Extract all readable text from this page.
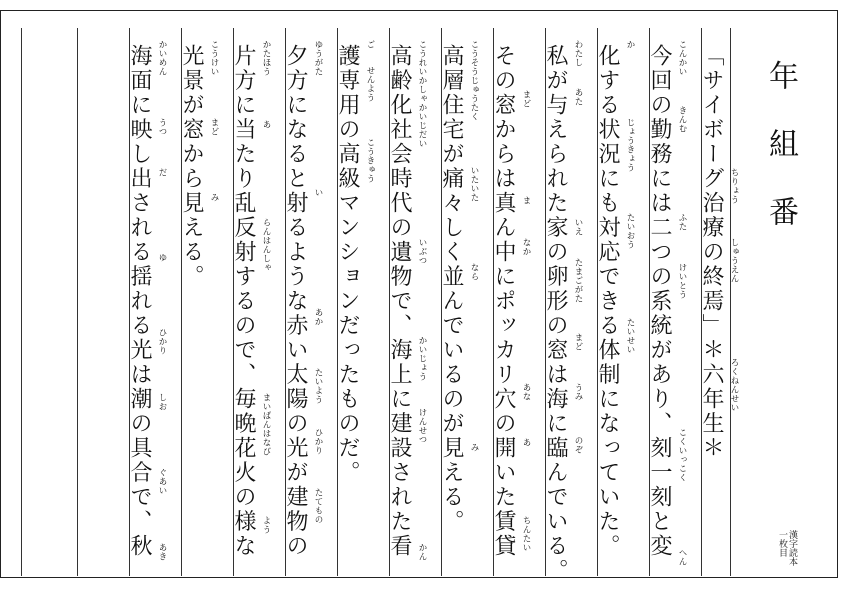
年組番
漢字読本
一枚目
「サイボーグ治療の終焉」＊六年生＊
今回の勤務には二つの系統があり、刻一刻と変
化する状況にも対応できる体制になっていた。
私が与えられた家の卵形の窓は海に臨んでいる。
その窓からは真ん中にポッカリ穴の開いた賃貸
高層住宅が痛々しく並んでいるのが見える。
高齢化社会時代の遺物で、海上に建設された看
護専用の高級マンションだったものだ。
夕方になると射るような赤い太陽の光が建物の
片方に当たり乱反射するので、毎晩花火の様な
光景が窓から見える。
海面に映し出される揺れる光は潮の具合で、秋	ちりょう
しゅうえん
ろくねんせい
こんかい
きんむ
ふた
けいとう
こくいっこく
へん
か
じょうきょう
たいおう
たいせい
わたし
あた
いえ
たまごがた
まど
うみ
のぞ
まど
ま
なか
あな
あ
ちんたい
こうそうじゅうたく
いたいた
なら
み
こうれいかしゃかいじだい
いぶつ
かいじょう
けんせつ
かん
ご
せんよう
こうきゅう
ゆうがた
い
あか
たいよう
ひかり
たてもの
かたほう
あ
らんはんしゃ
まいばんはなび
よう
こうけい
まど
み
かいめん
うつ
だ
ゆ
ひかり
しお
ぐあい
あき
